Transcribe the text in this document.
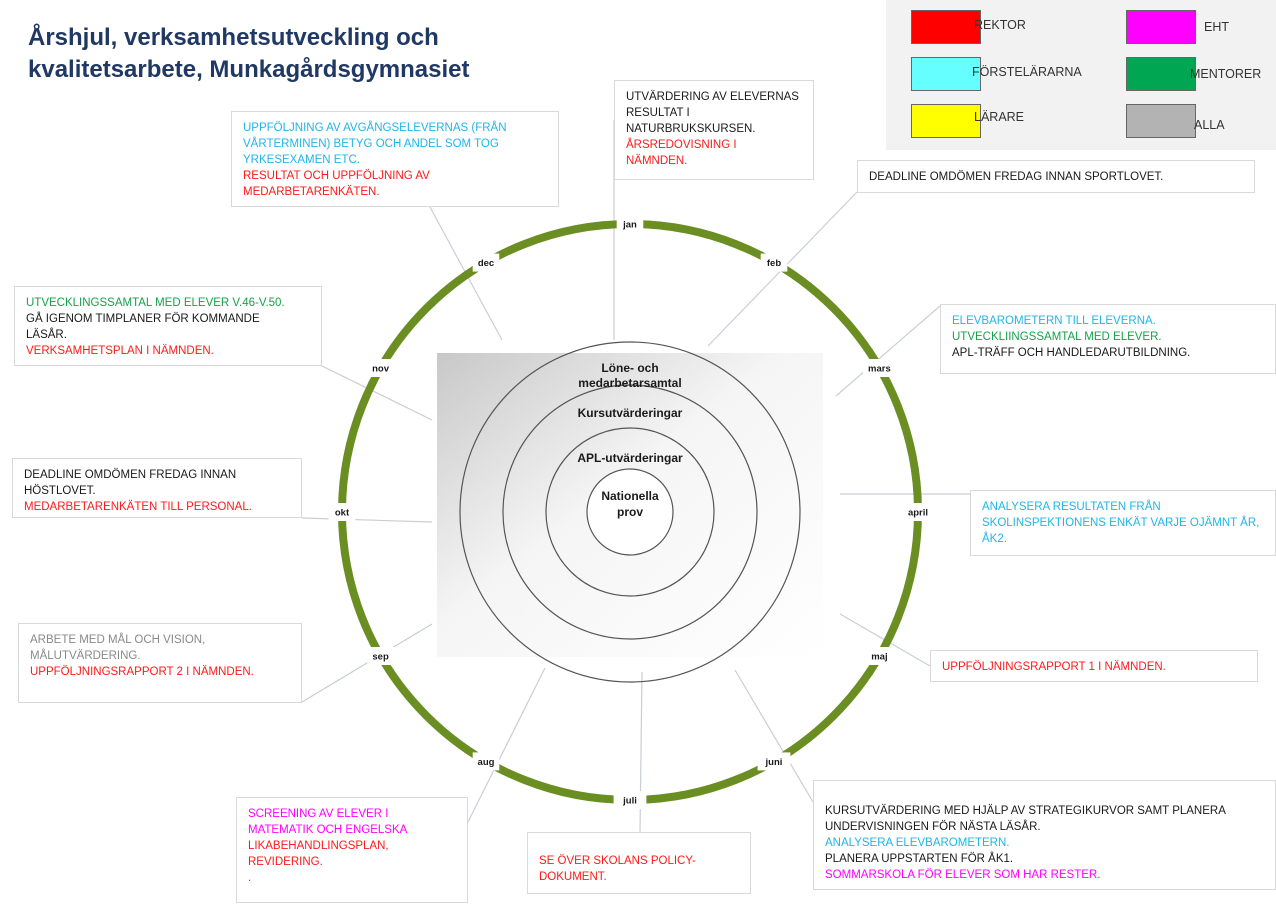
Årshjul, verksamhetsutveckling och
kvalitetsarbete, Munkagårdsgymnasiet
REKTOR
FÖRSTELÄRARNA
LÄRARE
EHT
MENTORER
ALLA
Löne- och
medarbetarsamtal
Kursutvärderingar
APL-utvärderingar
Nationella
prov
jan
feb
mars
april
maj
juni
juli
aug
sep
okt
nov
dec
UTVÄRDERING AV ELEVERNAS
RESULTAT I
NATURBRUKSKURSEN.
ÅRSREDOVISNING I
NÄMNDEN.
DEADLINE OMDÖMEN FREDAG INNAN SPORTLOVET.
ELEVBAROMETERN TILL ELEVERNA.
UTVECKLIINGSSAMTAL MED ELEVER.
APL-TRÄFF OCH HANDLEDARUTBILDNING.
ANALYSERA RESULTATEN FRÅN
SKOLINSPEKTIONENS ENKÄT VARJE OJÄMNT ÅR,
ÅK2.
UPPFÖLJNINGSRAPPORT 1 I NÄMNDEN.
KURSUTVÄRDERING MED HJÄLP AV STRATEGIKURVOR SAMT PLANERA
UNDERVISNINGEN FÖR NÄSTA LÄSÅR.
ANALYSERA ELEVBAROMETERN.
PLANERA UPPSTARTEN FÖR ÅK1.
SOMMARSKOLA FÖR ELEVER SOM HAR RESTER.
SE ÖVER SKOLANS POLICY-
DOKUMENT.
SCREENING AV ELEVER I
MATEMATIK OCH ENGELSKA
LIKABEHANDLINGSPLAN,
REVIDERING.
.
ARBETE MED MÅL OCH VISION,
MÅLUTVÄRDERING.
UPPFÖLJNINGSRAPPORT 2 I NÄMNDEN.
DEADLINE OMDÖMEN FREDAG INNAN
HÖSTLOVET.
MEDARBETARENKÄTEN TILL PERSONAL.
UTVECKLINGSSAMTAL MED ELEVER V.46-V.50.
GÅ IGENOM TIMPLANER FÖR KOMMANDE
LÄSÅR.
VERKSAMHETSPLAN I NÄMNDEN.
UPPFÖLJNING AV AVGÅNGSELEVERNAS (FRÅN
VÅRTERMINEN) BETYG OCH ANDEL SOM TOG
YRKESEXAMEN ETC.
RESULTAT OCH UPPFÖLJNING AV
MEDARBETARENKÄTEN.
